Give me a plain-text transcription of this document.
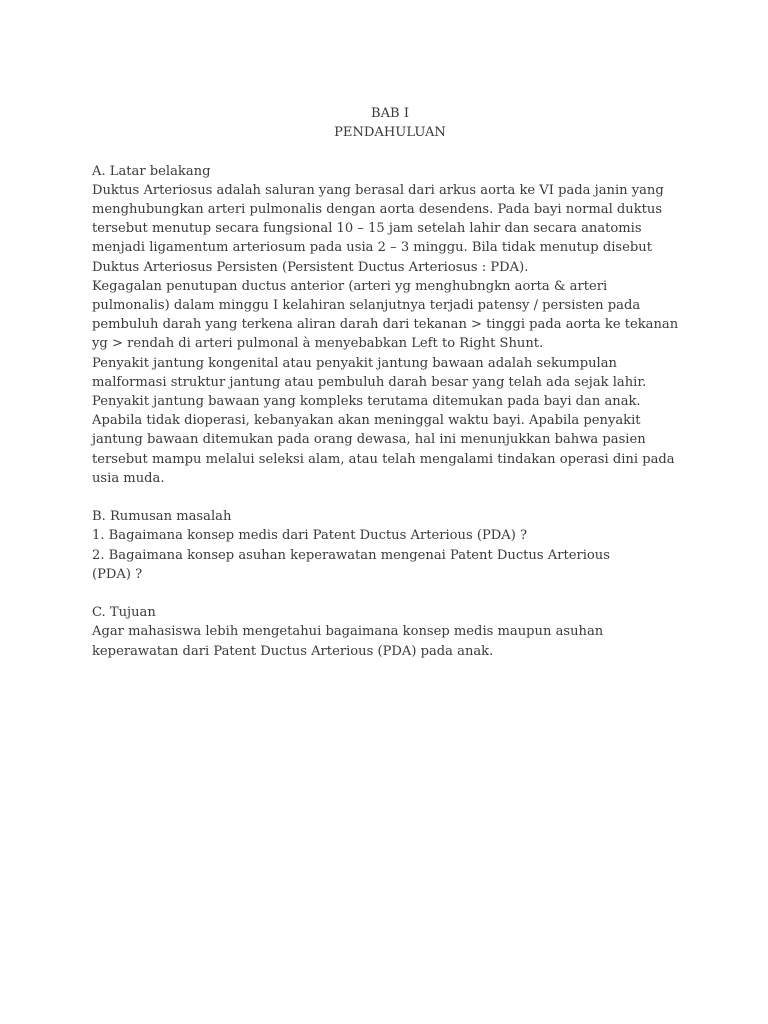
BAB I
PENDAHULUAN

A. Latar belakang

Duktus Arteriosus adalah saluran yang berasal dari arkus aorta ke VI pada janin yang menghubungkan arteri pulmonalis dengan aorta desendens. Pada bayi normal duktus tersebut menutup secara fungsional 10 – 15 jam setelah lahir dan secara anatomis menjadi ligamentum arteriosum pada usia 2 – 3 minggu. Bila tidak menutup disebut Duktus Arteriosus Persisten (Persistent Ductus Arteriosus : PDA).

Kegagalan penutupan ductus anterior (arteri yg menghubngkn aorta & arteri pulmonalis) dalam minggu I kelahiran selanjutnya terjadi patensy / persisten pada pembuluh darah yang terkena aliran darah dari tekanan > tinggi pada aorta ke tekanan yg > rendah di arteri pulmonal à menyebabkan Left to Right Shunt.

Penyakit jantung kongenital atau penyakit jantung bawaan adalah sekumpulan malformasi struktur jantung atau pembuluh darah besar yang telah ada sejak lahir. Penyakit jantung bawaan yang kompleks terutama ditemukan pada bayi dan anak. Apabila tidak dioperasi, kebanyakan akan meninggal waktu bayi. Apabila penyakit jantung bawaan ditemukan pada orang dewasa, hal ini menunjukkan bahwa pasien tersebut mampu melalui seleksi alam, atau telah mengalami tindakan operasi dini pada usia muda.

B. Rumusan masalah

1. Bagaimana konsep medis dari Patent Ductus Arterious (PDA) ?

2. Bagaimana konsep asuhan keperawatan mengenai Patent Ductus Arterious

(PDA) ?

C. Tujuan

Agar mahasiswa lebih mengetahui bagaimana konsep medis maupun asuhan keperawatan dari Patent Ductus Arterious (PDA) pada anak.
